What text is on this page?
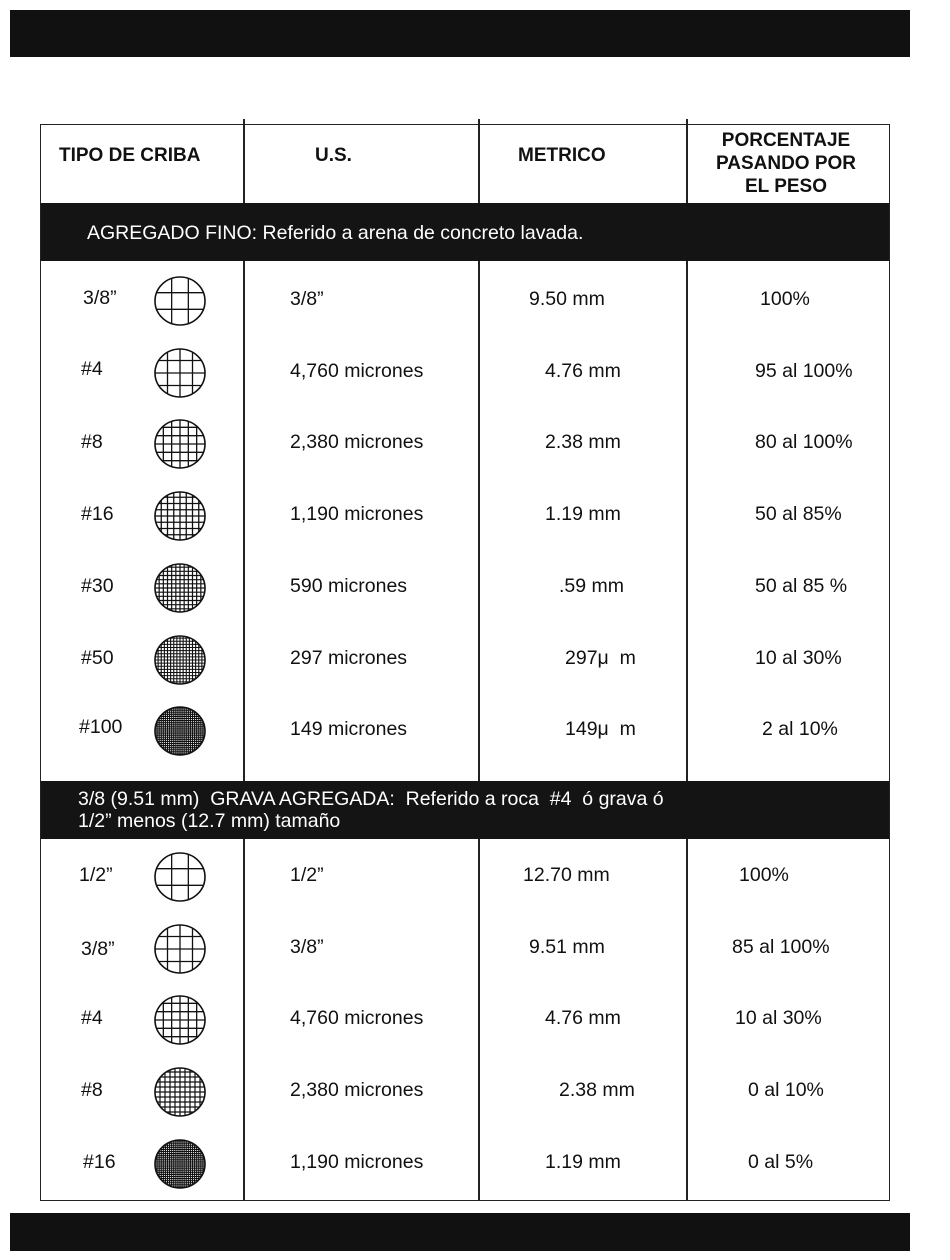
TIPO DE CRIBA	U.S.	METRICO
PORCENTAJE
PASANDO POR
EL PESO
AGREGADO FINO: Referido a arena de concreto lavada.
3/8 (9.51 mm)  GRAVA AGREGADA:  Referido a roca  #4  ó grava ó
1/2” menos (12.7 mm) tamaño
3/8”	3/8”	9.50 mm	100%
#4	4,760 micrones	4.76 mm	95 al 100%
#8	2,380 micrones	2.38 mm	80 al 100%
#16	1,190 micrones	1.19 mm	50 al 85%
#30	590 micrones	.59 mm	50 al 85 %
#50	297 micrones	297μ  m	10 al 30%
#100	149 micrones	149μ  m	2 al 10%
1/2”	1/2”	12.70 mm	100%
3/8”	3/8”	9.51 mm	85 al 100%
#4	4,760 micrones	4.76 mm	10 al 30%
#8	2,380 micrones	2.38 mm	0 al 10%
#16	1,190 micrones	1.19 mm	0 al 5%
